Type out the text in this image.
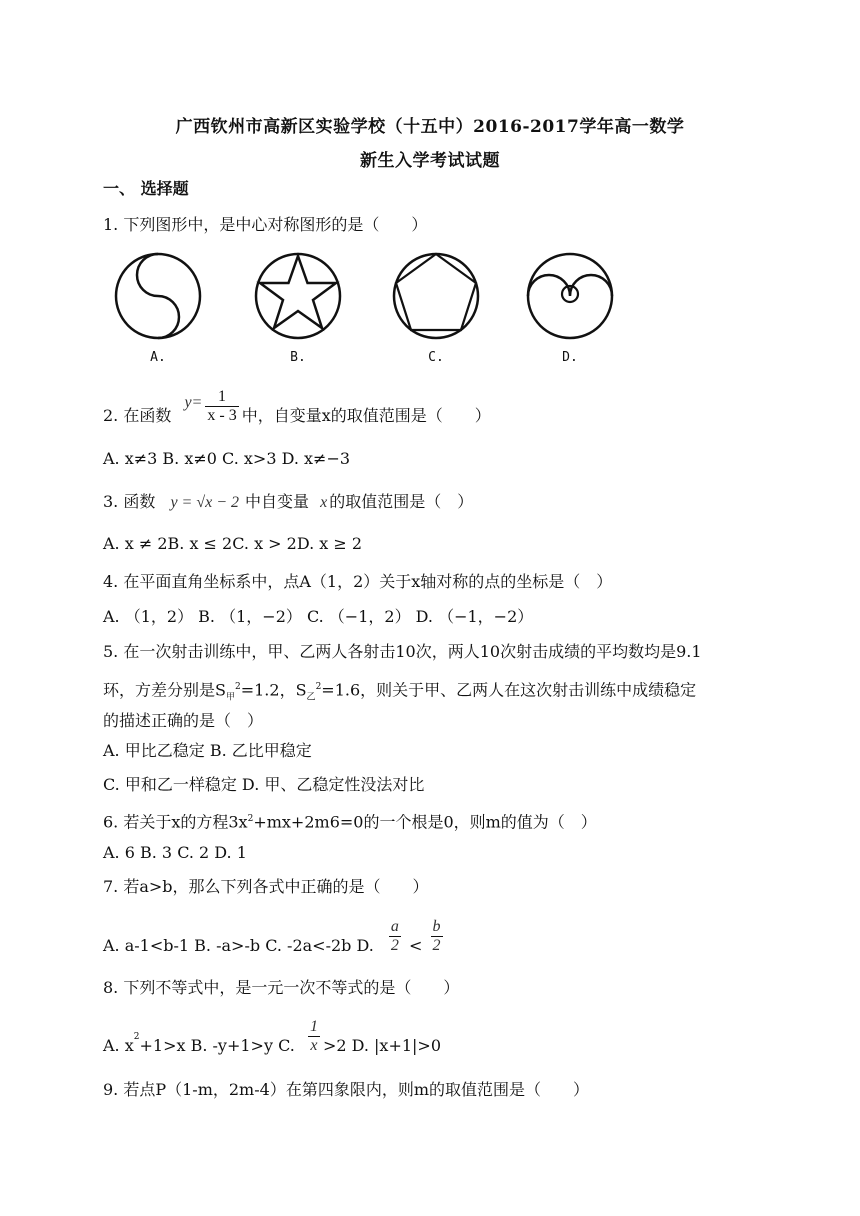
广西钦州市高新区实验学校（十五中）2016-2017学年高一数学
新生入学考试试题
一、 选择题
1. 下列图形中，是中心对称图形的是（　　）
A.	B.	C.	D.
2. 在函数 $y= \frac{1}{x - 3}$ 中，自变量x的取值范围是（　　）
A. x≠3 B. x≠0 C. x>3 D. x≠−3
3. 函数 y = √x − 2 中自变量 x 的取值范围是（　）
A. x ≠ 2B. x ≤ 2C. x > 2D. x ≥ 2
4. 在平面直角坐标系中，点A（1，2）关于x轴对称的点的坐标是（　）
A. （1，2） B. （1，−2） C. （−1，2） D. （−1，−2）
5. 在一次射击训练中，甲、乙两人各射击10次，两人10次射击成绩的平均数均是9.1
环，方差分别是$S_甲^2=1.2$，$S_乙^2=1.6$，则关于甲、乙两人在这次射击训练中成绩稳定
的描述正确的是（　）
A. 甲比乙稳定 B. 乙比甲稳定
C. 甲和乙一样稳定 D. 甲、乙稳定性没法对比
6. 若关于x的方程$3x^2+mx+2m6=0$的一个根是0，则m的值为（　）
A. 6 B. 3 C. 2 D. 1
7. 若a>b，那么下列各式中正确的是（　　）
A. a-1<b-1 B. -a>-b C. -2a<-2b D. $\frac{a}{2} < \frac{b}{2}$
8. 下列不等式中，是一元一次不等式的是（　　）
A. $x^2+1>x$ B. -y+1>y C. $\frac{1}{x} >2$ D. |x+1|>0
9. 若点P（1-m，2m-4）在第四象限内，则m的取值范围是（　　）
